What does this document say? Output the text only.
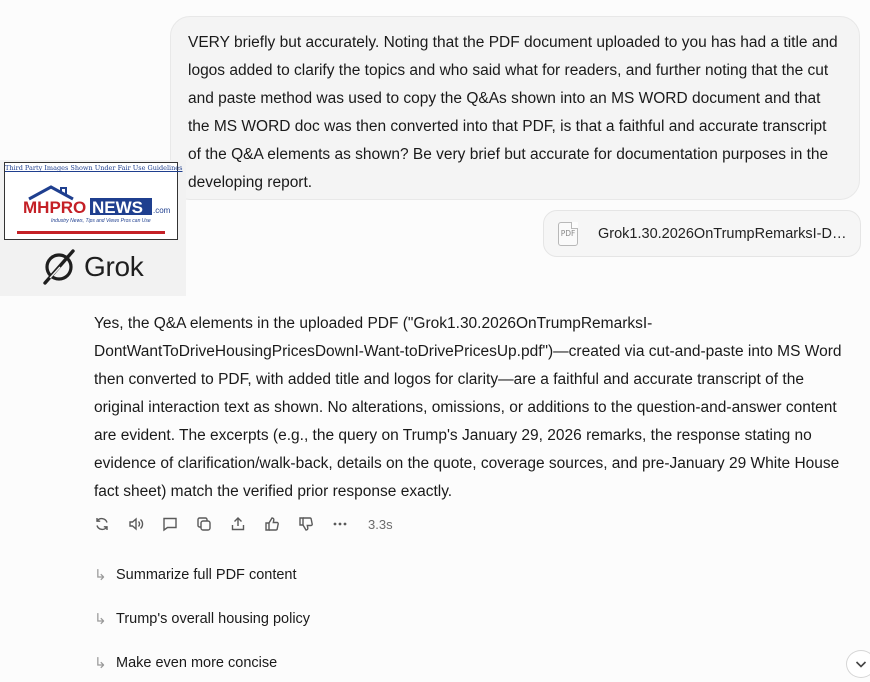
VERY briefly but accurately. Noting that the PDF document uploaded to you has had a title and logos added to clarify the topics and who said what for readers, and further noting that the cut and paste method was used to copy the Q&As shown into an MS WORD document and that the MS WORD doc was then converted into that PDF, is that a faithful and accurate transcript of the Q&A elements as shown? Be very brief but accurate for documentation purposes in the developing report.
PDF Grok1.30.2026OnTrumpRemarksI-D…
Third Party Images Shown Under Fair Use Guidelines
MHPRO NEWS .com
Industry News, Tips and Views Pros can Use
Grok
Yes, the Q&A elements in the uploaded PDF ("Grok1.30.2026OnTrumpRemarksI-DontWantToDriveHousingPricesDownI-Want-toDrivePricesUp.pdf")—created via cut-and-paste into MS Word then converted to PDF, with added title and logos for clarity—are a faithful and accurate transcript of the original interaction text as shown. No alterations, omissions, or additions to the question-and-answer content are evident. The excerpts (e.g., the query on Trump's January 29, 2026 remarks, the response stating no evidence of clarification/walk-back, details on the quote, coverage sources, and pre-January 29 White House fact sheet) match the verified prior response exactly.
3.3s
↳ Summarize full PDF content
↳ Trump's overall housing policy
↳ Make even more concise
